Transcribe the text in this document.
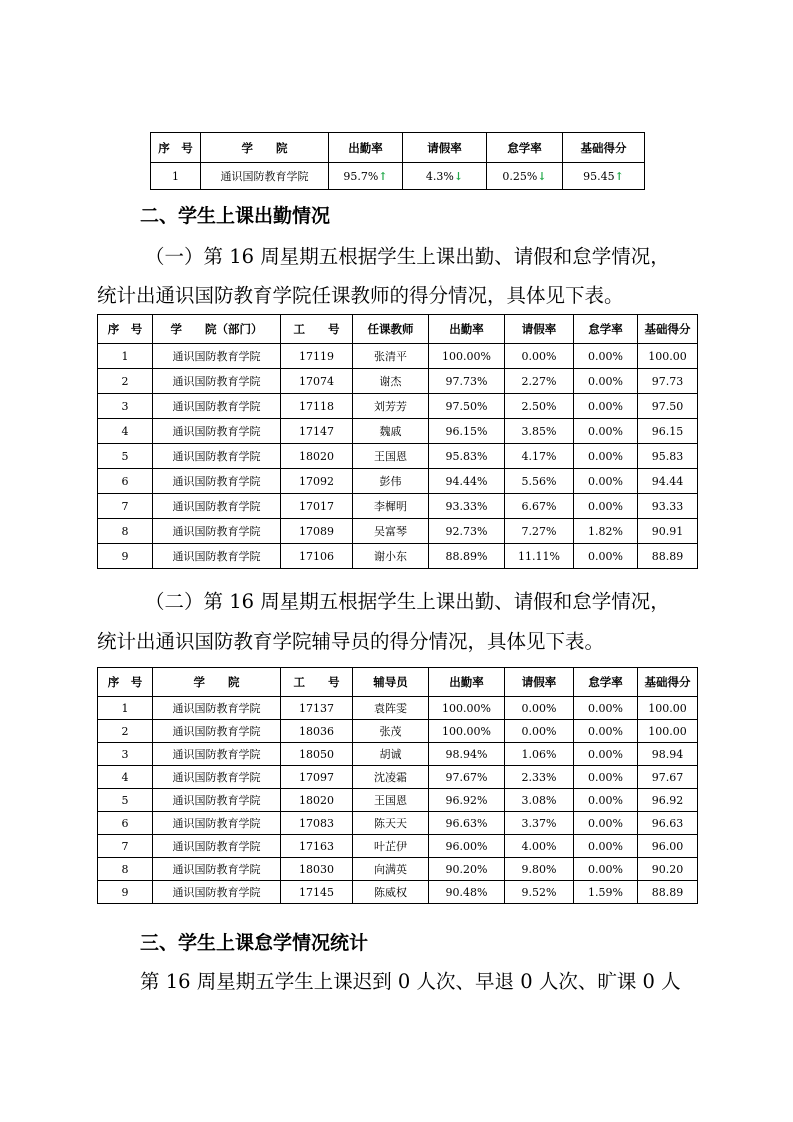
序　号	学　　院	出勤率	请假率	怠学率	基础得分
1	通识国防教育学院	95.7%↑	4.3%↓	0.25%↓	95.45↑
二、学生上课出勤情况
（一）第 16 周星期五根据学生上课出勤、请假和怠学情况，
统计出通识国防教育学院任课教师的得分情况，具体见下表。
序　号	学　　院（部门）	工　　号	任课教师	出勤率	请假率	怠学率	基础得分
1	通识国防教育学院	17119	张清平	100.00%	0.00%	0.00%	100.00
2	通识国防教育学院	17074	谢杰	97.73%	2.27%	0.00%	97.73
3	通识国防教育学院	17118	刘芳芳	97.50%	2.50%	0.00%	97.50
4	通识国防教育学院	17147	魏戚	96.15%	3.85%	0.00%	96.15
5	通识国防教育学院	18020	王国恩	95.83%	4.17%	0.00%	95.83
6	通识国防教育学院	17092	彭伟	94.44%	5.56%	0.00%	94.44
7	通识国防教育学院	17017	李樨明	93.33%	6.67%	0.00%	93.33
8	通识国防教育学院	17089	吴富琴	92.73%	7.27%	1.82%	90.91
9	通识国防教育学院	17106	谢小东	88.89%	11.11%	0.00%	88.89
（二）第 16 周星期五根据学生上课出勤、请假和怠学情况，
统计出通识国防教育学院辅导员的得分情况，具体见下表。
序　号	学　　院	工　　号	辅导员	出勤率	请假率	怠学率	基础得分
1	通识国防教育学院	17137	袁阵雯	100.00%	0.00%	0.00%	100.00
2	通识国防教育学院	18036	张茂	100.00%	0.00%	0.00%	100.00
3	通识国防教育学院	18050	胡诚	98.94%	1.06%	0.00%	98.94
4	通识国防教育学院	17097	沈凌霜	97.67%	2.33%	0.00%	97.67
5	通识国防教育学院	18020	王国恩	96.92%	3.08%	0.00%	96.92
6	通识国防教育学院	17083	陈天天	96.63%	3.37%	0.00%	96.63
7	通识国防教育学院	17163	叶芷伊	96.00%	4.00%	0.00%	96.00
8	通识国防教育学院	18030	向满英	90.20%	9.80%	0.00%	90.20
9	通识国防教育学院	17145	陈威权	90.48%	9.52%	1.59%	88.89
三、学生上课怠学情况统计
第 16 周星期五学生上课迟到 0 人次、早退 0 人次、旷课 0 人
